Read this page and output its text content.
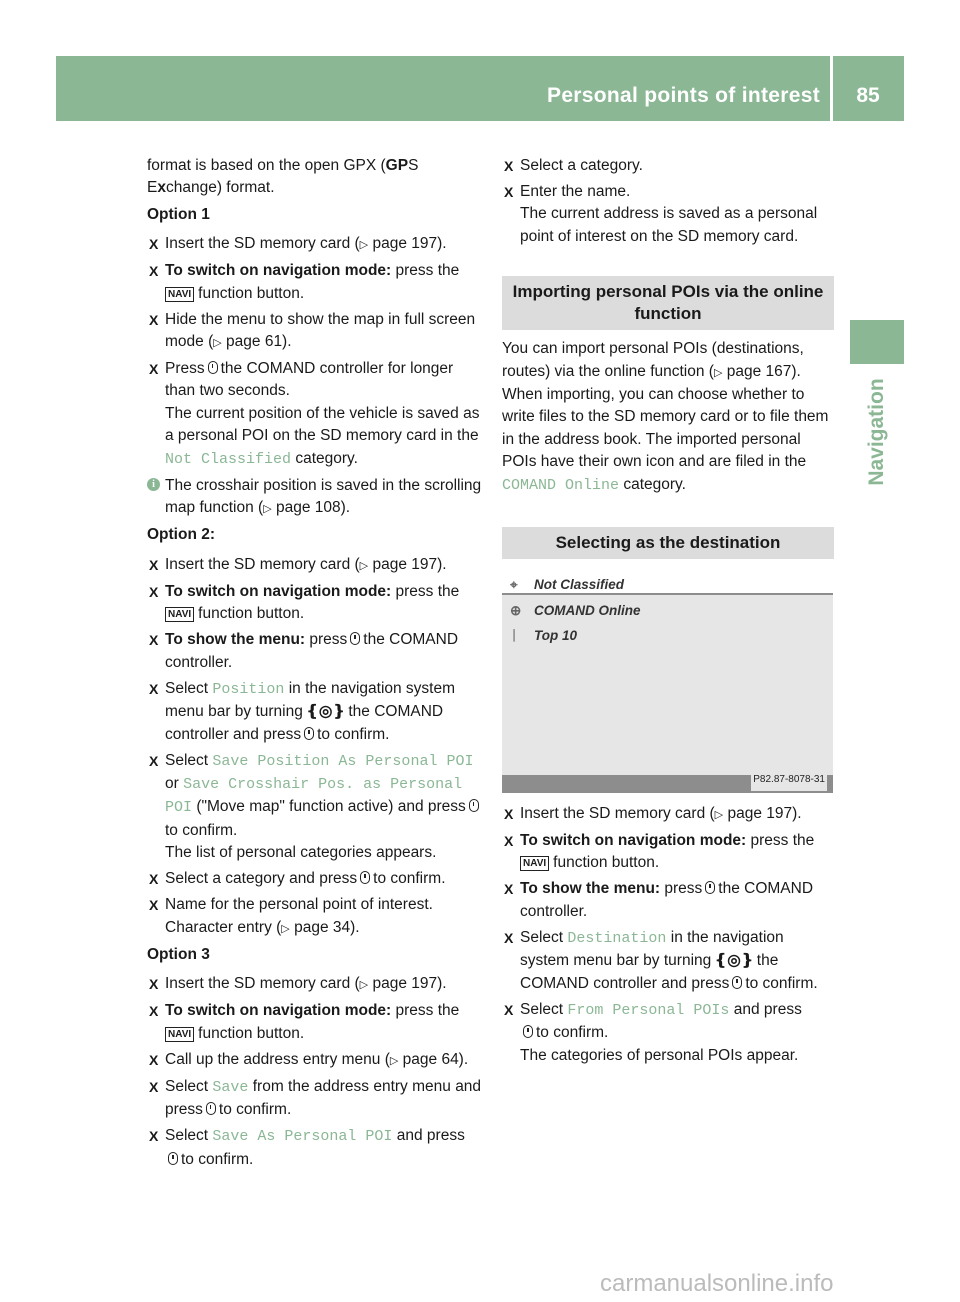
Personal points of interest	85
Navigation

format is based on the open GPX (GPS
Exchange) format.

Option 1

X Insert the SD memory card (▷ page 197).

X To switch on navigation mode: press the
NAVI function button.

X Hide the menu to show the map in full screen mode (▷ page 61).

X Press the COMAND controller for longer than two seconds.
The current position of the vehicle is saved as a personal POI on the SD memory card in the Not Classified category.

i The crosshair position is saved in the scrolling map function (▷ page 108).

Option 2:

X Insert the SD memory card (▷ page 197).

X To switch on navigation mode: press the
NAVI function button.

X To show the menu: press the COMAND controller.

X Select Position in the navigation system menu bar by turning ❴◎❵ the COMAND controller and press to confirm.

X Select Save Position As Personal POI or Save Crosshair Pos. as Personal POI ("Move map" function active) and pressto confirm.
The list of personal categories appears.

X Select a category and press to confirm.

X Name for the personal point of interest.
Character entry (▷ page 34).

Option 3

X Insert the SD memory card (▷ page 197).

X To switch on navigation mode: press the
NAVI function button.

X Call up the address entry menu (▷ page 64).

X Select Save from the address entry menu and press to confirm.

X Select Save As Personal POI and press
to confirm.

X Select a category.

X Enter the name.
The current address is saved as a personal point of interest on the SD memory card.

Importing personal POIs via the online function

You can import personal POIs (destinations, routes) via the online function (▷ page 167). When importing, you can choose whether to write files to the SD memory card or to file them in the address book. The imported personal POIs have their own icon and are filed in the COMAND Online category.

Selecting as the destination
⌖ Not Classified
⊕ COMAND Online
ᛁ Top 10
P82.87-8078-31

X Insert the SD memory card (▷ page 197).

X To switch on navigation mode: press the
NAVI function button.

X To show the menu: press the COMAND controller.

X Select Destination in the navigation system menu bar by turning ❴◎❵ the COMAND controller and press to confirm.

X Select From Personal POIs and press
to confirm.
The categories of personal POIs appear.

carmanualsonline.info
